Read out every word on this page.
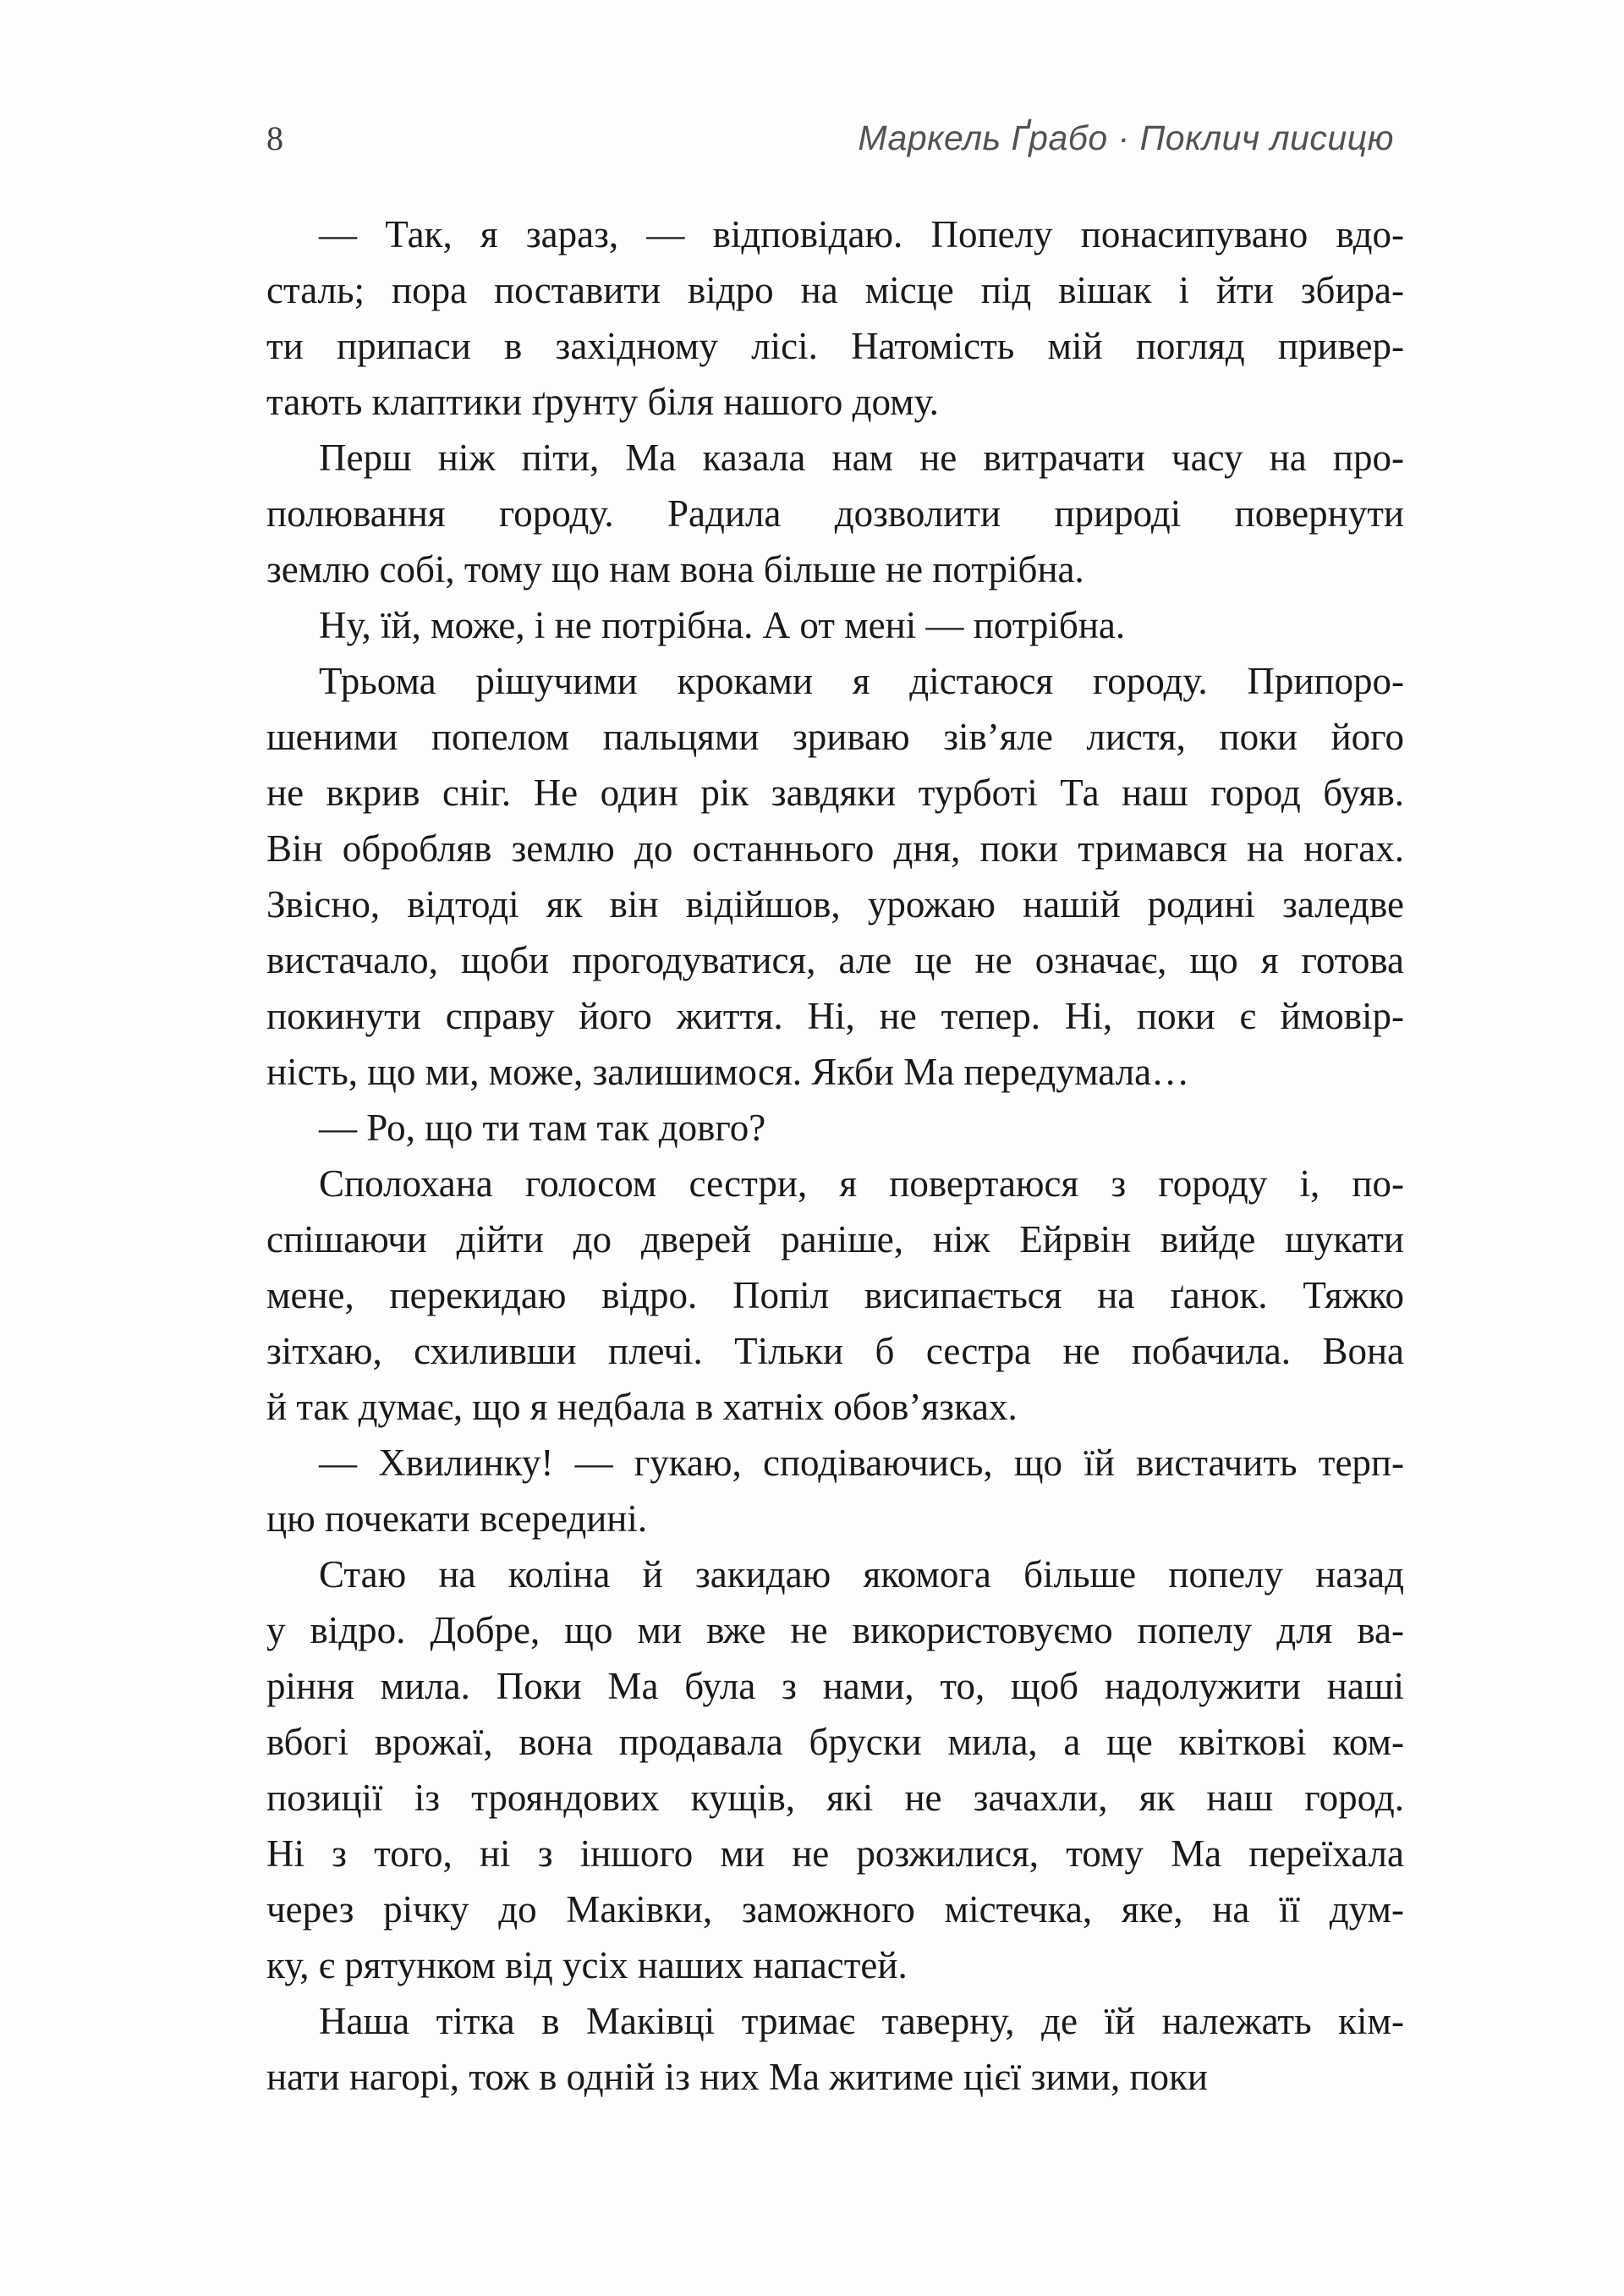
8	Маркель Ґрабо · Поклич лисицю
— Так, я зараз, — відповідаю. Попелу понасипувано вдо-
сталь; пора поставити відро на місце під вішак і йти збира-
ти припаси в західному лісі. Натомість мій погляд привер-
тають клаптики ґрунту біля нашого дому.
Перш ніж піти, Ма казала нам не витрачати часу на про-
полювання городу. Радила дозволити природі повернути
землю собі, тому що нам вона більше не потрібна.
Ну, їй, може, і не потрібна. А от мені — потрібна.
Трьома рішучими кроками я дістаюся городу. Припоро-
шеними попелом пальцями зриваю зів’яле листя, поки його
не вкрив сніг. Не один рік завдяки турботі Та наш город буяв.
Він обробляв землю до останнього дня, поки тримався на ногах.
Звісно, відтоді як він відійшов, урожаю нашій родині заледве
вистачало, щоби прогодуватися, але це не означає, що я готова
покинути справу його життя. Ні, не тепер. Ні, поки є ймовір-
ність, що ми, може, залишимося. Якби Ма передумала…
— Ро, що ти там так довго?
Сполохана голосом сестри, я повертаюся з городу і, по-
спішаючи дійти до дверей раніше, ніж Ейрвін вийде шукати
мене, перекидаю відро. Попіл висипається на ґанок. Тяжко
зітхаю, схиливши плечі. Тільки б сестра не побачила. Вона
й так думає, що я недбала в хатніх обов’язках.
— Хвилинку! — гукаю, сподіваючись, що їй вистачить терп-
цю почекати всередині.
Стаю на коліна й закидаю якомога більше попелу назад
у відро. Добре, що ми вже не використовуємо попелу для ва-
ріння мила. Поки Ма була з нами, то, щоб надолужити наші
вбогі врожаї, вона продавала бруски мила, а ще квіткові ком-
позиції із трояндових кущів, які не зачахли, як наш город.
Ні з того, ні з іншого ми не розжилися, тому Ма переїхала
через річку до Маківки, заможного містечка, яке, на її дум-
ку, є рятунком від усіх наших напастей.
Наша тітка в Маківці тримає таверну, де їй належать кім-
нати нагорі, тож в одній із них Ма житиме цієї зими, поки
